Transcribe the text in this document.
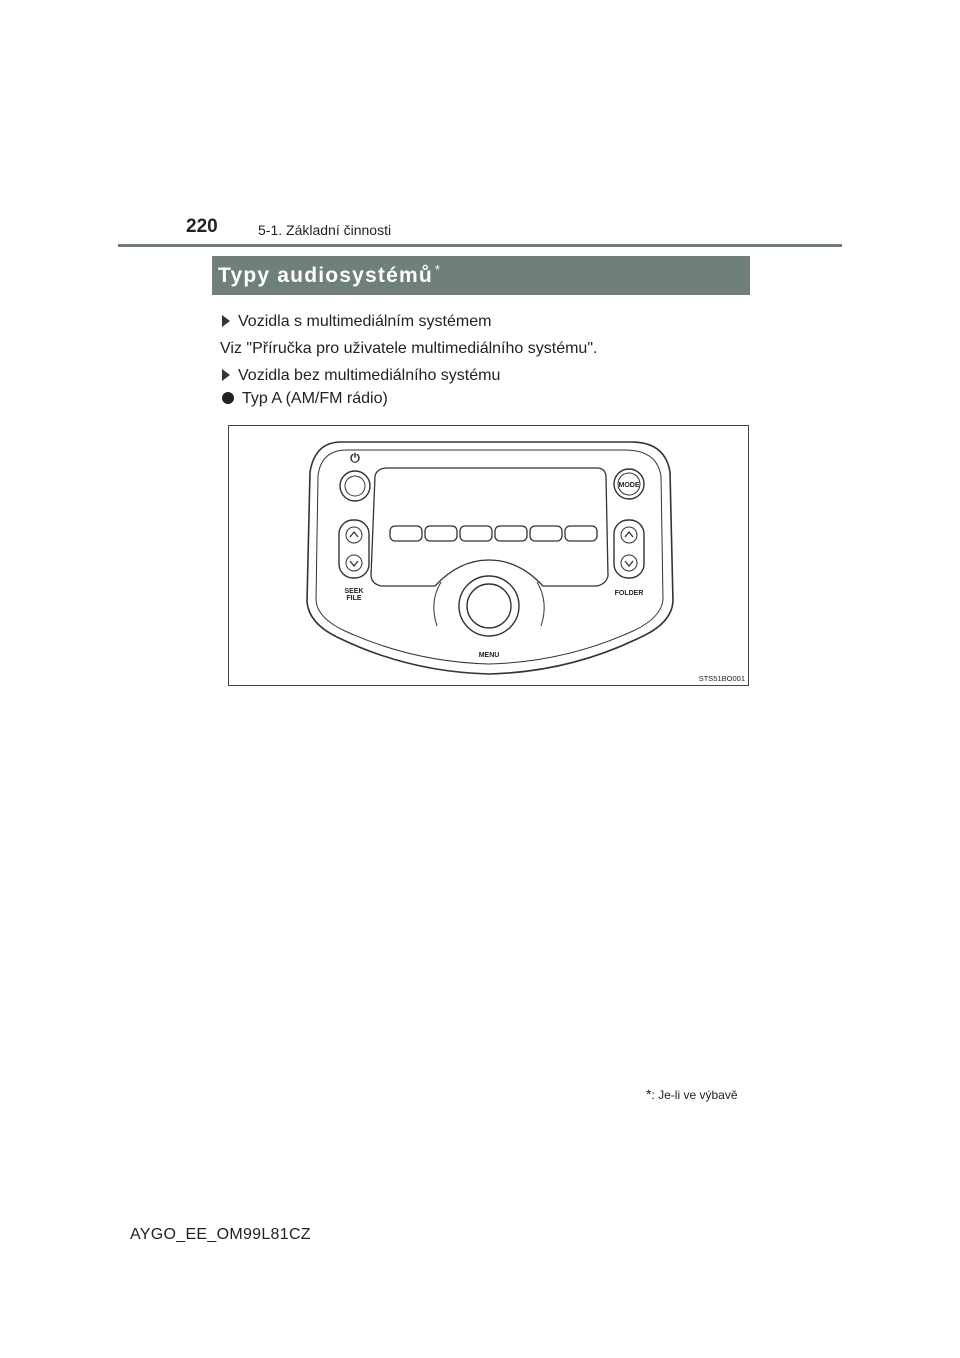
220	5-1. Základní činnosti
Typy audiosystémů *
Vozidla s multimediálním systémem
Viz "Příručka pro uživatele multimediálního systému".
Vozidla bez multimediálního systému
Typ A (AM/FM rádio)
⏻
MODE
SEEK
FILE
FOLDER
MENU
STS51BO001
*: Je-li ve výbavě
AYGO_EE_OM99L81CZ
